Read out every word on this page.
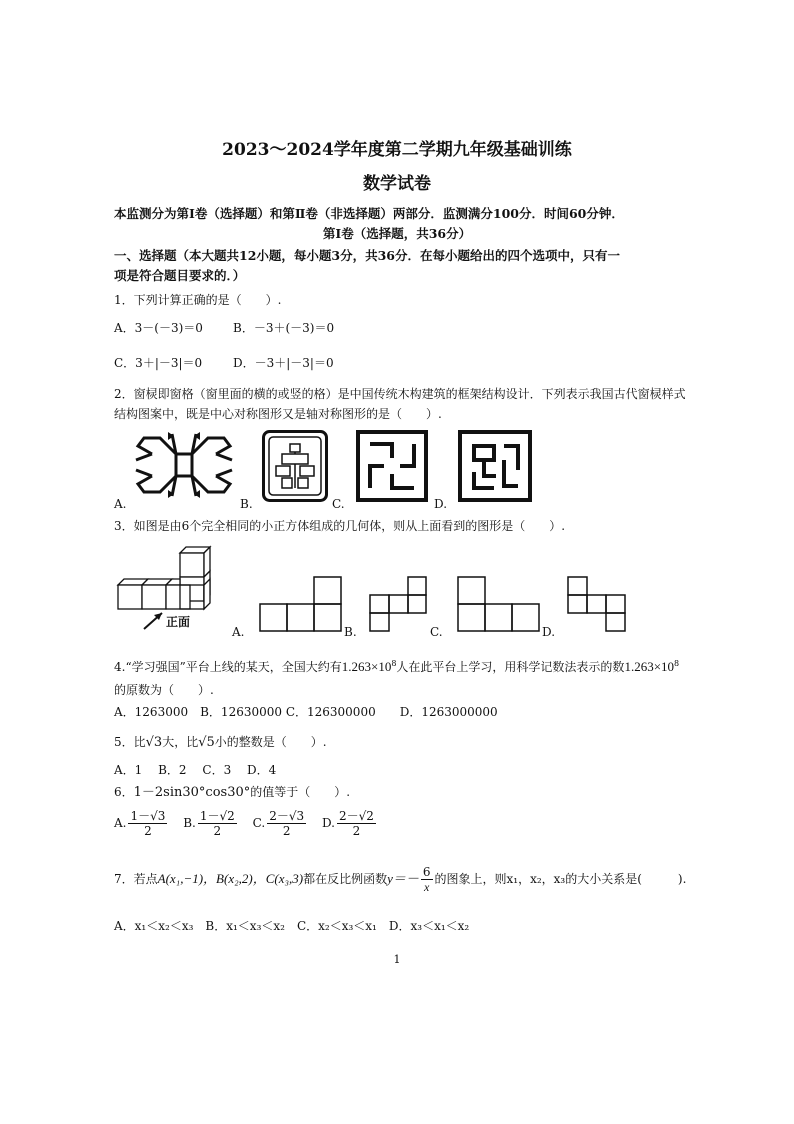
2023～2024学年度第二学期九年级基础训练
数学试卷
本监测分为第Ⅰ卷（选择题）和第Ⅱ卷（非选择题）两部分．监测满分100分．时间60分钟．
第Ⅰ卷（选择题，共36分）
一、选择题（本大题共12小题，每小题3分，共36分．在每小题给出的四个选项中，只有一
项是符合题目要求的．）
1．下列计算正确的是（　　）.
A．3－(－3)＝0	B．－3＋(－3)＝0
C．3＋|－3|＝0	D．－3＋|－3|＝0
2．窗棂即窗格（窗里面的横的或竖的格）是中国传统木构建筑的框架结构设计．下列表示我国古代窗棂样式
结构图案中，既是中心对称图形又是轴对称图形的是（　　）.
A.	B.	C.	D.
3．如图是由6个完全相同的小正方体组成的几何体，则从上面看到的图形是（　　）.
正面
A.	B.	C.	D.
4.“学习强国”平台上线的某天，全国大约有$1.263\times 10^8$人在此平台上学习，用科学记数法表示的数$1.263\times 10^8$
的原数为（　　）.
A．1263000　B．12630000 C．126300000　　D．1263000000
5．比√3大，比√5小的整数是（　　）.
A．1　 B．2　 C．3　 D．4
6．1－2sin30°cos30°的值等于（　　）.
A. $\frac{1-√3}{2} B$. $\frac{1-√2}{2} C$. $\frac{2-√3}{2} D$. $\frac{2-√2}{2}$
7．若点A(x₁,−1)，B(x₂,2)，C(x₃,3)都在反比例函数$y=- \frac{6}{x}$ 的图象上，则x₁，x₂，x₃的大小关系是(　　　).
A．x₁＜x₂＜x₃　B．x₁＜x₃＜x₂　C．x₂＜x₃＜x₁　D．x₃＜x₁＜x₂
1
